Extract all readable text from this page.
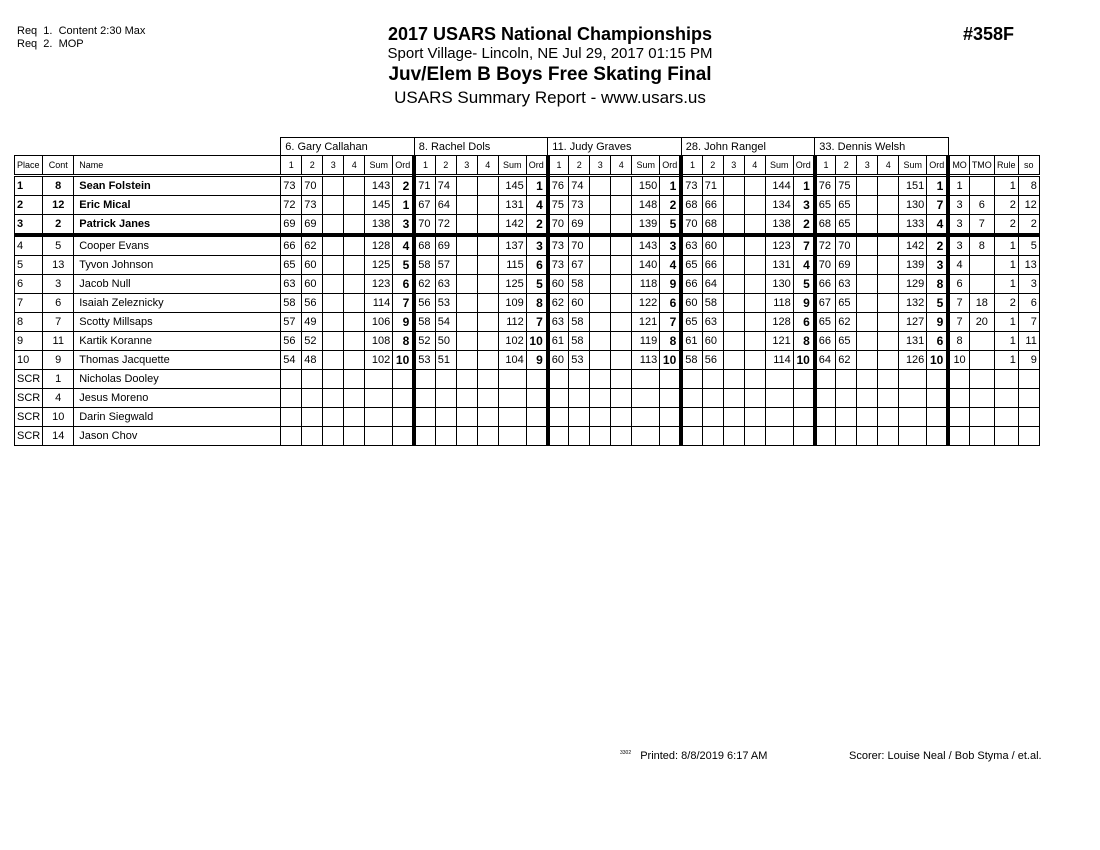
Req  1.  Content 2:30 Max
Req  2.  MOP	2017 USARS National Championships
Sport Village- Lincoln, NE Jul 29, 2017 01:15 PM
Juv/Elem B Boys Free Skating Final
USARS Summary Report - www.usars.us
#358F
			6. Gary Callahan						8. Rachel Dols						11. Judy Graves						28. John Rangel						33. Dennis Welsh									
Place	Cont	Name	1	2	3	4	Sum	Ord	1	2	3	4	Sum	Ord	1	2	3	4	Sum	Ord	1	2	3	4	Sum	Ord	1	2	3	4	Sum	Ord	MO	TMO	Rule	so
1	8	Sean Folstein	73	70			143	2	71	74			145	1	76	74			150	1	73	71			144	1	76	75			151	1	1		1	8
2	12	Eric Mical	72	73			145	1	67	64			131	4	75	73			148	2	68	66			134	3	65	65			130	7	3	6	2	12
3	2	Patrick Janes	69	69			138	3	70	72			142	2	70	69			139	5	70	68			138	2	68	65			133	4	3	7	2	2
4	5	Cooper Evans	66	62			128	4	68	69			137	3	73	70			143	3	63	60			123	7	72	70			142	2	3	8	1	5
5	13	Tyvon Johnson	65	60			125	5	58	57			115	6	73	67			140	4	65	66			131	4	70	69			139	3	4		1	13
6	3	Jacob Null	63	60			123	6	62	63			125	5	60	58			118	9	66	64			130	5	66	63			129	8	6		1	3
7	6	Isaiah Zeleznicky	58	56			114	7	56	53			109	8	62	60			122	6	60	58			118	9	67	65			132	5	7	18	2	6
8	7	Scotty Millsaps	57	49			106	9	58	54			112	7	63	58			121	7	65	63			128	6	65	62			127	9	7	20	1	7
9	11	Kartik Koranne	56	52			108	8	52	50			102	10	61	58			119	8	61	60			121	8	66	65			131	6	8		1	11
10	9	Thomas Jacquette	54	48			102	10	53	51			104	9	60	53			113	10	58	56			114	10	64	62			126	10	10		1	9
SCR	1	Nicholas Dooley																																		
SCR	4	Jesus Moreno																																		
SCR	10	Darin Siegwald																																		
SCR	14	Jason Chov																																		
$^{3302}$ Printed: 8/8/2019 6:17 AM	Scorer: Louise Neal / Bob Styma / et.al.
